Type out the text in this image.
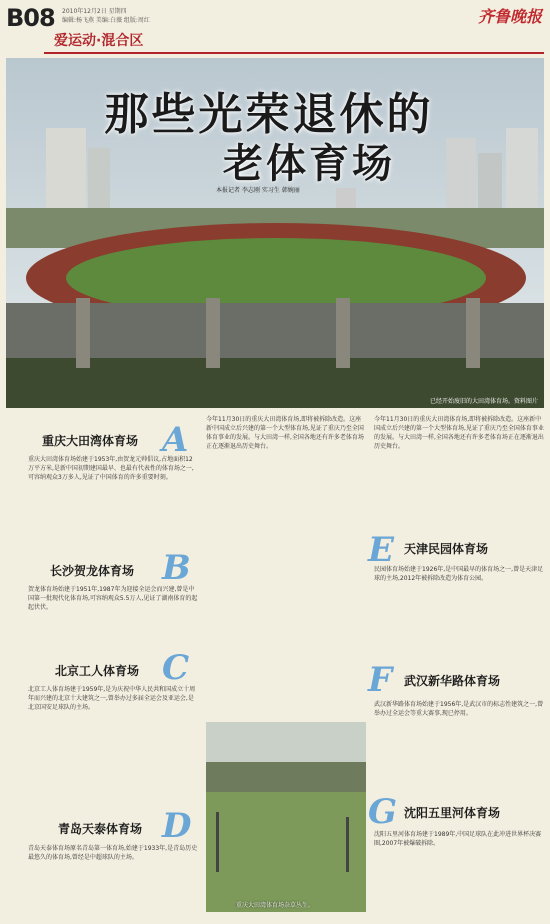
B08 2010年12月2日 星期四
编辑:杨飞燕 美编:白薇 组版:周红
爱运动·混合区
齐鲁晚报
那些光荣退休的
老体育场
本报记者 李志刚 实习生 韩婉丽
已经开始废旧的大田湾体育场。资料图片
重庆大田湾体育场 A
重庆大田湾体育场始建于1953年,由贺龙元帅倡议,占地面积12万平方米,是新中国初期建国最早、也最有代表性的体育场之一,可容纳观众3万多人,见证了中国体育的许多重要时刻。
长沙贺龙体育场 B
贺龙体育场始建于1951年,1987年为迎接全运会而兴建,曾是中国第一批现代化体育场,可容纳观众5.5万人,见证了湖南体育的起起伏伏。
北京工人体育场 C
北京工人体育场建于1959年,是为庆祝中华人民共和国成立十周年而兴建的北京十大建筑之一,曾举办过多届全运会及亚运会,是北京国安足球队的主场。
青岛天泰体育场 D
青岛天泰体育场原名青岛第一体育场,始建于1933年,是青岛历史最悠久的体育场,曾经是中超球队的主场。
今年11月30日的重庆大田湾体育场,即将被拆除改造。这座新中国成立后兴建的第一个大型体育场,见证了重庆乃至全国体育事业的发展。与大田湾一样,全国各地还有许多老体育场正在逐渐退出历史舞台。
重庆大田湾体育场杂草丛生。
今年11月30日的重庆大田湾体育场,即将被拆除改造。这座新中国成立后兴建的第一个大型体育场,见证了重庆乃至全国体育事业的发展。与大田湾一样,全国各地还有许多老体育场正在逐渐退出历史舞台。
E 天津民园体育场
民园体育场始建于1926年,是中国最早的体育场之一,曾是天津足球的主场,2012年被拆除改造为体育公园。
F 武汉新华路体育场
武汉新华路体育场始建于1956年,是武汉市的标志性建筑之一,曾举办过全运会等重大赛事,现已停用。
G 沈阳五里河体育场
沈阳五里河体育场建于1989年,中国足球队在此冲进世界杯决赛圈,2007年被爆破拆除。
